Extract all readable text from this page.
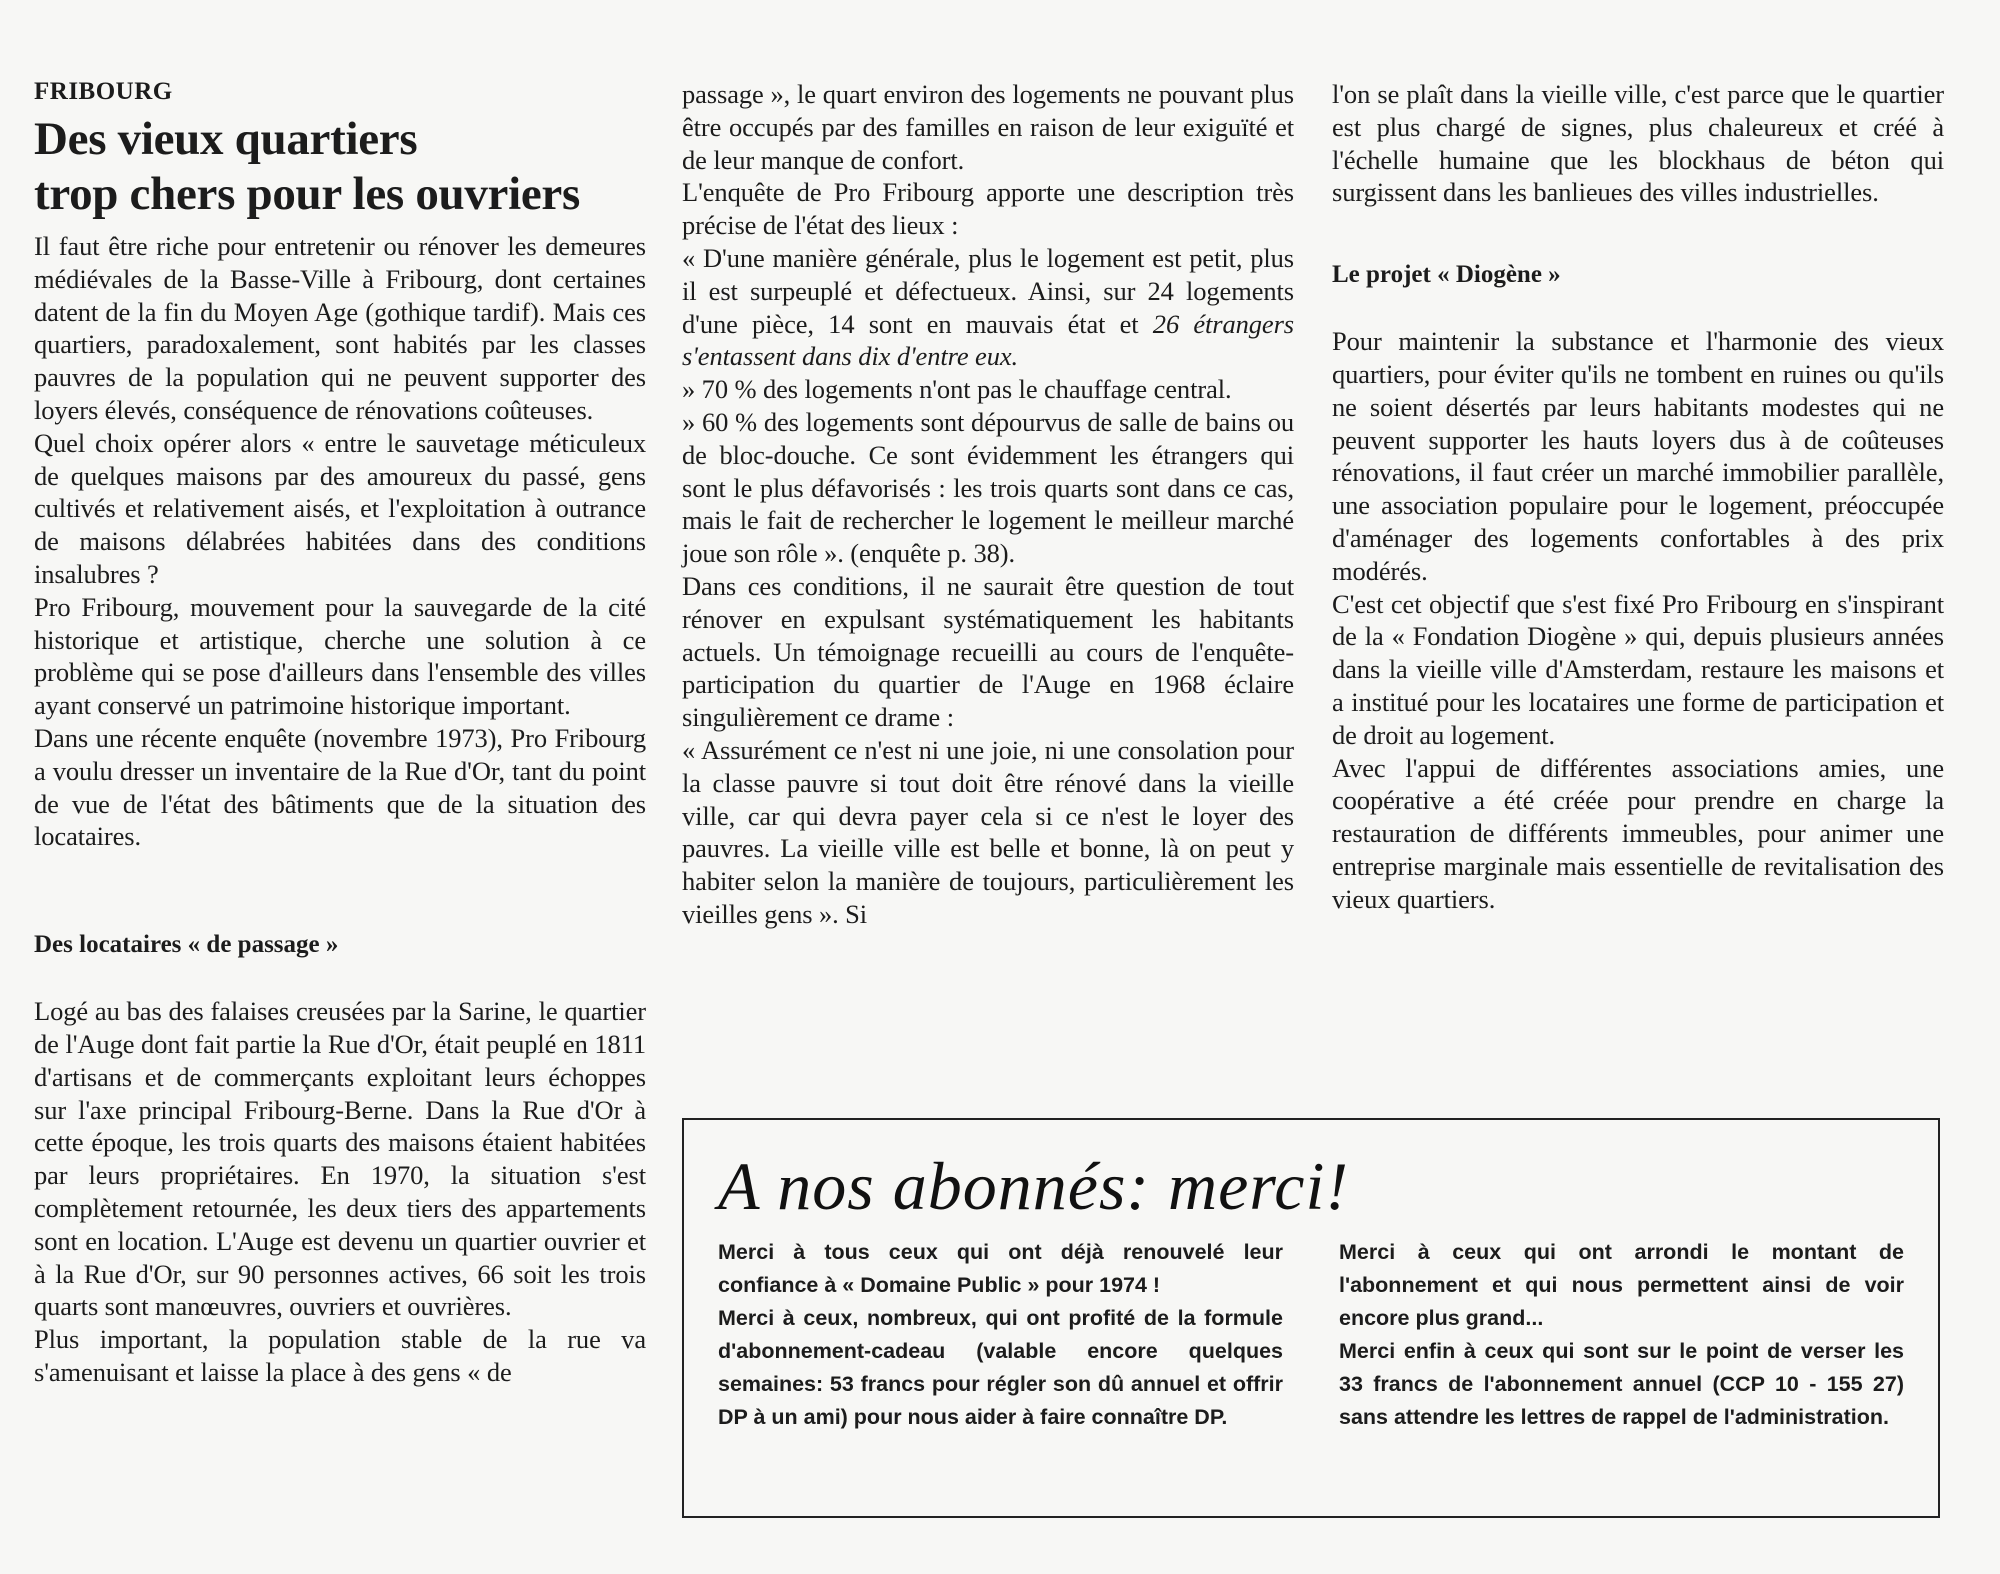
FRIBOURG
Des vieux quartiers
trop chers pour les ouvriers

Il faut être riche pour entretenir ou rénover les demeures médiévales de la Basse-Ville à Fribourg, dont certaines datent de la fin du Moyen Age (gothique tardif). Mais ces quartiers, paradoxalement, sont habités par les classes pauvres de la population qui ne peuvent supporter des loyers élevés, conséquence de rénovations coûteuses.

Quel choix opérer alors « entre le sauvetage méticuleux de quelques maisons par des amoureux du passé, gens cultivés et relativement aisés, et l'exploitation à outrance de maisons délabrées habitées dans des conditions insalubres ?

Pro Fribourg, mouvement pour la sauvegarde de la cité historique et artistique, cherche une solution à ce problème qui se pose d'ailleurs dans l'ensemble des villes ayant conservé un patrimoine historique important.

Dans une récente enquête (novembre 1973), Pro Fribourg a voulu dresser un inventaire de la Rue d'Or, tant du point de vue de l'état des bâtiments que de la situation des locataires.

Des locataires « de passage »

Logé au bas des falaises creusées par la Sarine, le quartier de l'Auge dont fait partie la Rue d'Or, était peuplé en 1811 d'artisans et de commerçants exploitant leurs échoppes sur l'axe principal Fribourg-Berne. Dans la Rue d'Or à cette époque, les trois quarts des maisons étaient habitées par leurs propriétaires. En 1970, la situation s'est complètement retournée, les deux tiers des appartements sont en location. L'Auge est devenu un quartier ouvrier et à la Rue d'Or, sur 90 personnes actives, 66 soit les trois quarts sont manœuvres, ouvriers et ouvrières.

Plus important, la population stable de la rue va s'amenuisant et laisse la place à des gens « de

passage », le quart environ des logements ne pouvant plus être occupés par des familles en raison de leur exiguïté et de leur manque de confort.

L'enquête de Pro Fribourg apporte une description très précise de l'état des lieux :

« D'une manière générale, plus le logement est petit, plus il est surpeuplé et défectueux. Ainsi, sur 24 logements d'une pièce, 14 sont en mauvais état et 26 étrangers s'entassent dans dix d'entre eux.

» 70 % des logements n'ont pas le chauffage central.

» 60 % des logements sont dépourvus de salle de bains ou de bloc-douche. Ce sont évidemment les étrangers qui sont le plus défavorisés : les trois quarts sont dans ce cas, mais le fait de rechercher le logement le meilleur marché joue son rôle ». (enquête p. 38).

Dans ces conditions, il ne saurait être question de tout rénover en expulsant systématiquement les habitants actuels. Un témoignage recueilli au cours de l'enquête-participation du quartier de l'Auge en 1968 éclaire singulièrement ce drame :

« Assurément ce n'est ni une joie, ni une consolation pour la classe pauvre si tout doit être rénové dans la vieille ville, car qui devra payer cela si ce n'est le loyer des pauvres. La vieille ville est belle et bonne, là on peut y habiter selon la manière de toujours, particulièrement les vieilles gens ». Si

l'on se plaît dans la vieille ville, c'est parce que le quartier est plus chargé de signes, plus chaleureux et créé à l'échelle humaine que les blockhaus de béton qui surgissent dans les banlieues des villes industrielles.

Le projet « Diogène »

Pour maintenir la substance et l'harmonie des vieux quartiers, pour éviter qu'ils ne tombent en ruines ou qu'ils ne soient désertés par leurs habitants modestes qui ne peuvent supporter les hauts loyers dus à de coûteuses rénovations, il faut créer un marché immobilier parallèle, une association populaire pour le logement, préoccupée d'aménager des logements confortables à des prix modérés.

C'est cet objectif que s'est fixé Pro Fribourg en s'inspirant de la « Fondation Diogène » qui, depuis plusieurs années dans la vieille ville d'Amsterdam, restaure les maisons et a institué pour les locataires une forme de participation et de droit au logement.

Avec l'appui de différentes associations amies, une coopérative a été créée pour prendre en charge la restauration de différents immeubles, pour animer une entreprise marginale mais essentielle de revitalisation des vieux quartiers.

A nos abonnés: merci!

Merci à tous ceux qui ont déjà renouvelé leur confiance à « Domaine Public » pour 1974 !

Merci à ceux, nombreux, qui ont profité de la formule d'abonnement-cadeau (valable encore quelques semaines: 53 francs pour régler son dû annuel et offrir DP à un ami) pour nous aider à faire connaître DP.

Merci à ceux qui ont arrondi le montant de l'abonnement et qui nous permettent ainsi de voir encore plus grand...

Merci enfin à ceux qui sont sur le point de verser les 33 francs de l'abonnement annuel (CCP 10 - 155 27) sans attendre les lettres de rappel de l'administration.
